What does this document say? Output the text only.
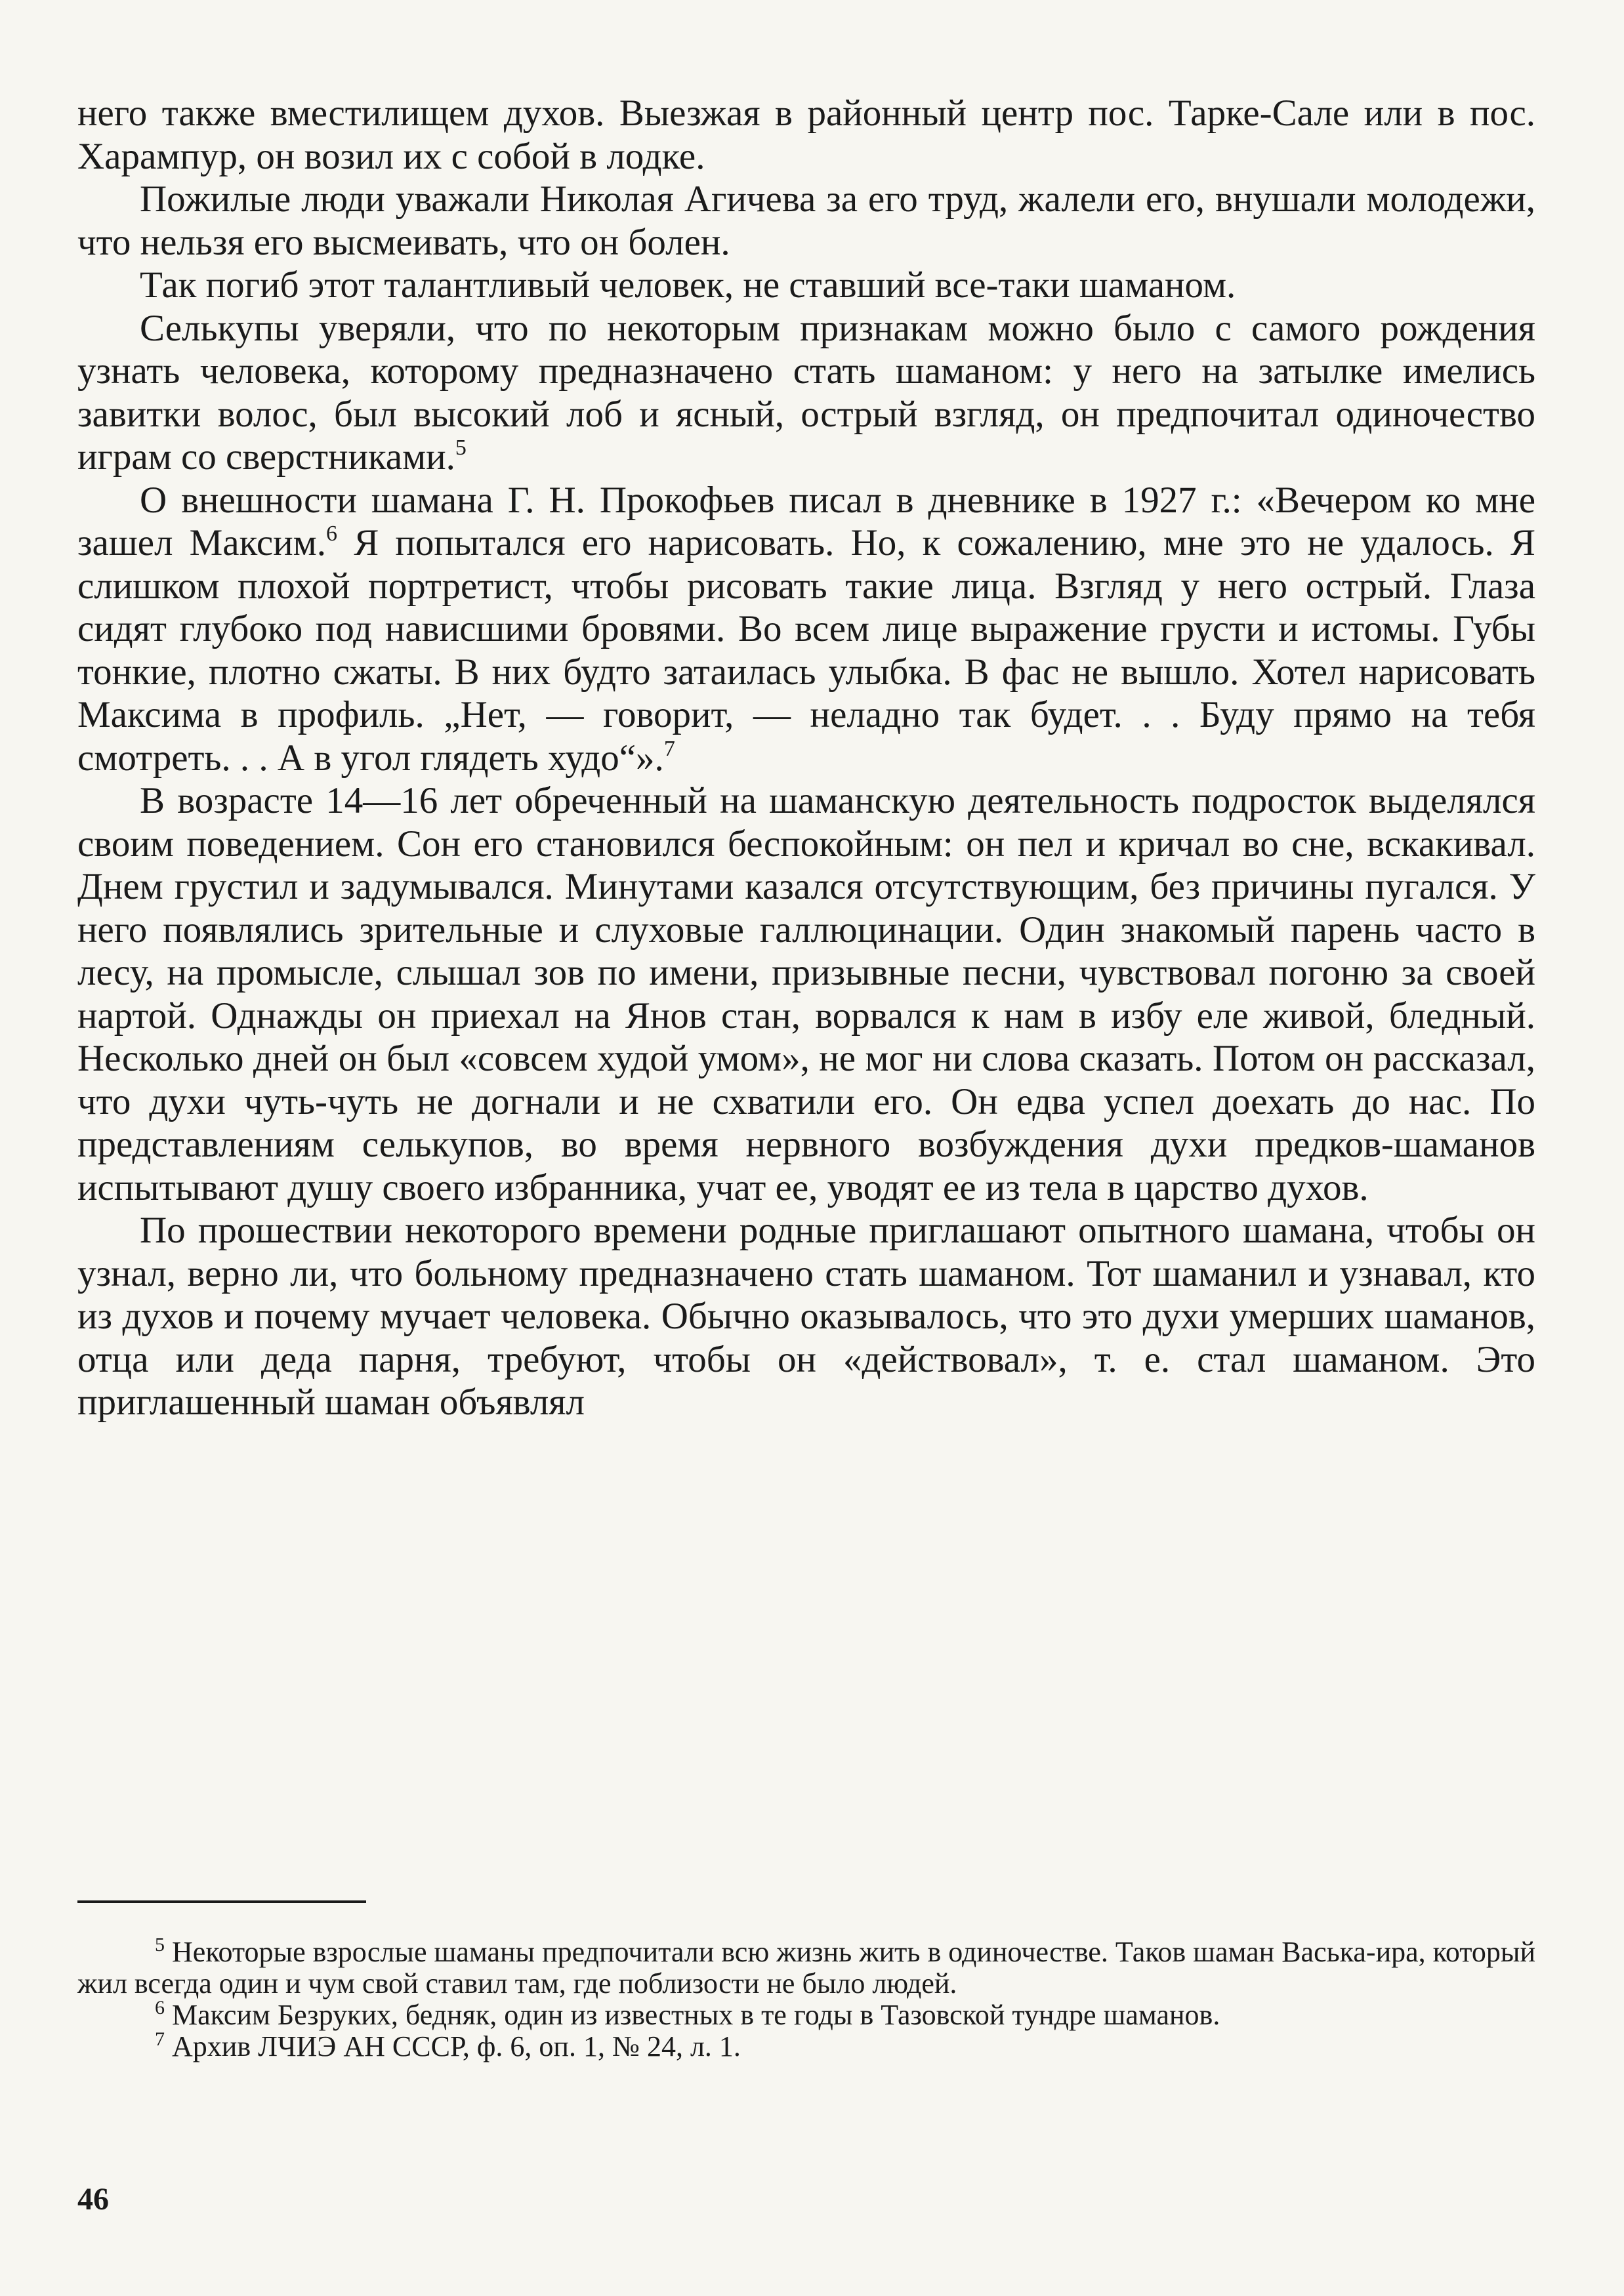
него также вместилищем духов. Выезжая в районный центр пос. Тарке-Сале или в пос. Харампур, он возил их с собой в лодке.

Пожилые люди уважали Николая Агичева за его труд, жалели его, внушали молодежи, что нельзя его высмеивать, что он болен.

Так погиб этот талантливый человек, не ставший все-таки шаманом.

Селькупы уверяли, что по некоторым признакам можно было с самого рождения узнать человека, которому предназначено стать шаманом: у него на затылке имелись завитки волос, был высокий лоб и ясный, острый взгляд, он предпочитал одиночество играм со сверстниками.$^5$

О внешности шамана Г. Н. Прокофьев писал в дневнике в 1927 г.: «Вечером ко мне зашел Максим.$^6$ Я попытался его нарисовать. Но, к сожалению, мне это не удалось. Я слишком плохой портретист, чтобы рисовать такие лица. Взгляд у него острый. Глаза сидят глубоко под нависшими бровями. Во всем лице выражение грусти и истомы. Губы тонкие, плотно сжаты. В них будто затаилась улыбка. В фас не вышло. Хотел нарисовать Максима в профиль. „Нет, — говорит, — неладно так будет. . . Буду прямо на тебя смотреть. . . А в угол глядеть худо“».$^7$

В возрасте 14—16 лет обреченный на шаманскую деятельность подросток выделялся своим поведением. Сон его становился беспокойным: он пел и кричал во сне, вскакивал. Днем грустил и задумывался. Минутами казался отсутствующим, без причины пугался. У него появлялись зрительные и слуховые галлюцинации. Один знакомый парень часто в лесу, на промысле, слышал зов по имени, призывные песни, чувствовал погоню за своей нартой. Однажды он приехал на Янов стан, ворвался к нам в избу еле живой, бледный. Несколько дней он был «совсем худой умом», не мог ни слова сказать. Потом он рассказал, что духи чуть-чуть не догнали и не схватили его. Он едва успел доехать до нас. По представлениям селькупов, во время нервного возбуждения духи предков-шаманов испытывают душу своего избранника, учат ее, уводят ее из тела в царство духов.

По прошествии некоторого времени родные приглашают опытного шамана, чтобы он узнал, верно ли, что больному предназначено стать шаманом. Тот шаманил и узнавал, кто из духов и почему мучает человека. Обычно оказывалось, что это духи умерших шаманов, отца или деда парня, требуют, чтобы он «действовал», т. е. стал шаманом. Это приглашенный шаман объявлял

$^5$ Некоторые взрослые шаманы предпочитали всю жизнь жить в одиночестве. Таков шаман Васька-ира, который жил всегда один и чум свой ставил там, где поблизости не было людей.

$^6$ Максим Безруких, бедняк, один из известных в те годы в Тазовской тундре шаманов.

$^7$ Архив ЛЧИЭ АН СССР, ф. 6, оп. 1, № 24, л. 1.

46
